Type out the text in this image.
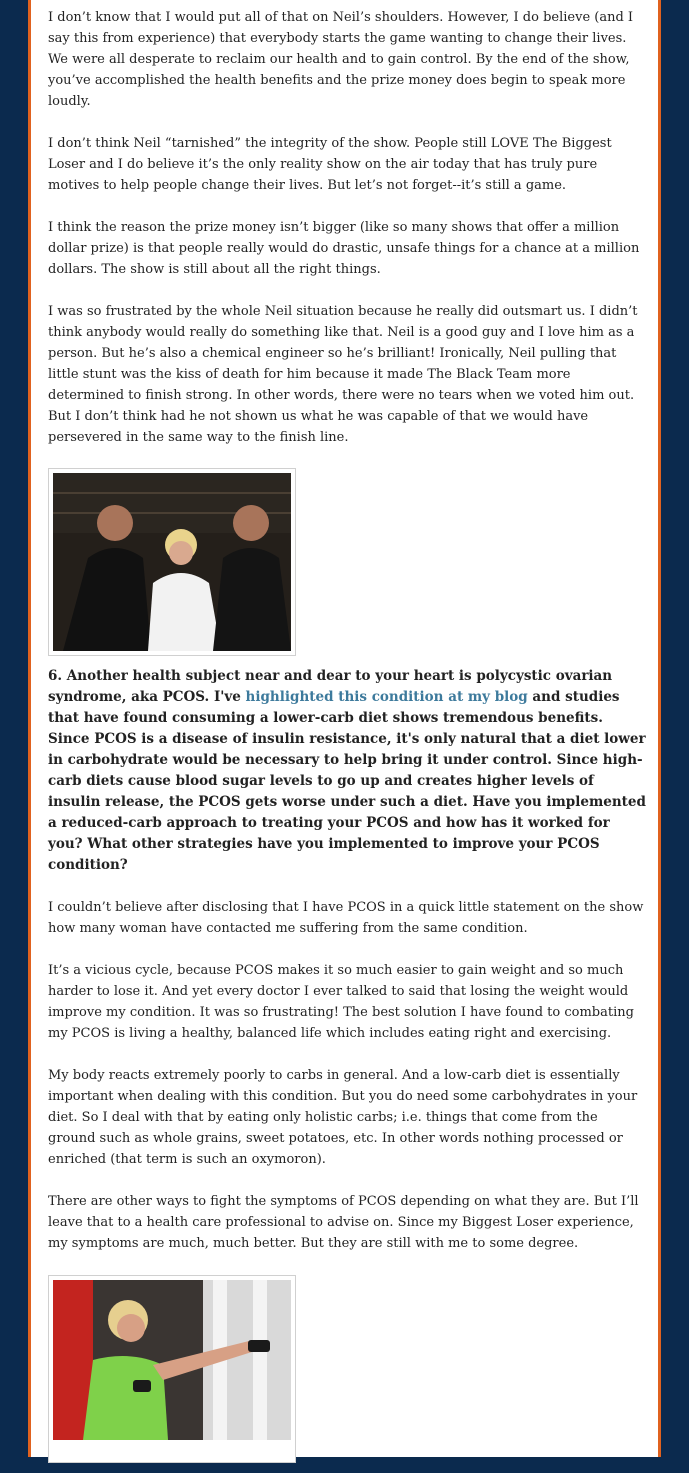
I don’t know that I would put all of that on Neil’s shoulders. However, I do believe (and I say this from experience) that everybody starts the game wanting to change their lives. We were all desperate to reclaim our health and to gain control. By the end of the show, you’ve accomplished the health benefits and the prize money does begin to speak more loudly.

I don’t think Neil “tarnished” the integrity of the show. People still LOVE The Biggest Loser and I do believe it’s the only reality show on the air today that has truly pure motives to help people change their lives. But let’s not forget--it’s still a game.

I think the reason the prize money isn’t bigger (like so many shows that offer a million dollar prize) is that people really would do drastic, unsafe things for a chance at a million dollars. The show is still about all the right things.

I was so frustrated by the whole Neil situation because he really did outsmart us. I didn’t think anybody would really do something like that. Neil is a good guy and I love him as a person. But he’s also a chemical engineer so he’s brilliant! Ironically, Neil pulling that little stunt was the kiss of death for him because it made The Black Team more determined to finish strong. In other words, there were no tears when we voted him out. But I don’t think had he not shown us what he was capable of that we would have persevered in the same way to the finish line.

6. Another health subject near and dear to your heart is polycystic ovarian syndrome, aka PCOS. I've highlighted this condition at my blog and studies that have found consuming a lower-carb diet shows tremendous benefits. Since PCOS is a disease of insulin resistance, it's only natural that a diet lower in carbohydrate would be necessary to help bring it under control. Since high-carb diets cause blood sugar levels to go up and creates higher levels of insulin release, the PCOS gets worse under such a diet. Have you implemented a reduced-carb approach to treating your PCOS and how has it worked for you? What other strategies have you implemented to improve your PCOS condition?

I couldn’t believe after disclosing that I have PCOS in a quick little statement on the show how many woman have contacted me suffering from the same condition.

It’s a vicious cycle, because PCOS makes it so much easier to gain weight and so much harder to lose it. And yet every doctor I ever talked to said that losing the weight would improve my condition. It was so frustrating! The best solution I have found to combating my PCOS is living a healthy, balanced life which includes eating right and exercising.

My body reacts extremely poorly to carbs in general. And a low-carb diet is essentially important when dealing with this condition. But you do need some carbohydrates in your diet. So I deal with that by eating only holistic carbs; i.e. things that come from the ground such as whole grains, sweet potatoes, etc. In other words nothing processed or enriched (that term is such an oxymoron).

There are other ways to fight the symptoms of PCOS depending on what they are. But I’ll leave that to a health care professional to advise on. Since my Biggest Loser experience, my symptoms are much, much better. But they are still with me to some degree.
